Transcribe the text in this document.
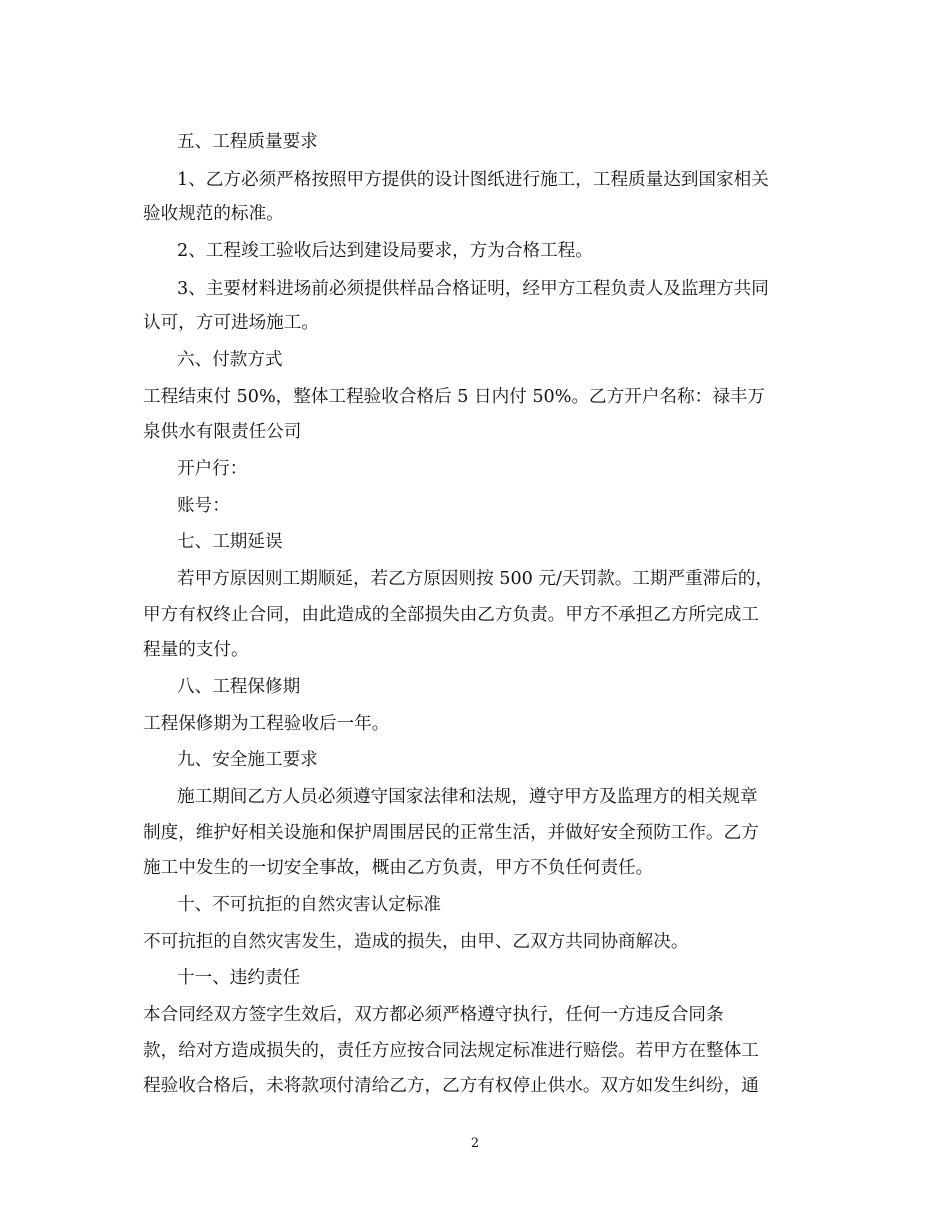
五、工程质量要求
1、乙方必须严格按照甲方提供的设计图纸进行施工，工程质量达到国家相关
验收规范的标准。
2、工程竣工验收后达到建设局要求，方为合格工程。
3、主要材料进场前必须提供样品合格证明，经甲方工程负责人及监理方共同
认可，方可进场施工。
六、付款方式
工程结束付 50%，整体工程验收合格后 5 日内付 50%。乙方开户名称：禄丰万
泉供水有限责任公司
开户行：
账号：
七、工期延误
若甲方原因则工期顺延，若乙方原因则按 500 元/天罚款。工期严重滞后的，
甲方有权终止合同，由此造成的全部损失由乙方负责。甲方不承担乙方所完成工
程量的支付。
八、工程保修期
工程保修期为工程验收后一年。
九、安全施工要求
施工期间乙方人员必须遵守国家法律和法规，遵守甲方及监理方的相关规章
制度，维护好相关设施和保护周围居民的正常生活，并做好安全预防工作。乙方
施工中发生的一切安全事故，概由乙方负责，甲方不负任何责任。
十、不可抗拒的自然灾害认定标准
不可抗拒的自然灾害发生，造成的损失，由甲、乙双方共同协商解决。
十一、违约责任
本合同经双方签字生效后，双方都必须严格遵守执行，任何一方违反合同条
款，给对方造成损失的，责任方应按合同法规定标准进行赔偿。若甲方在整体工
程验收合格后，未将款项付清给乙方，乙方有权停止供水。双方如发生纠纷，通
2
